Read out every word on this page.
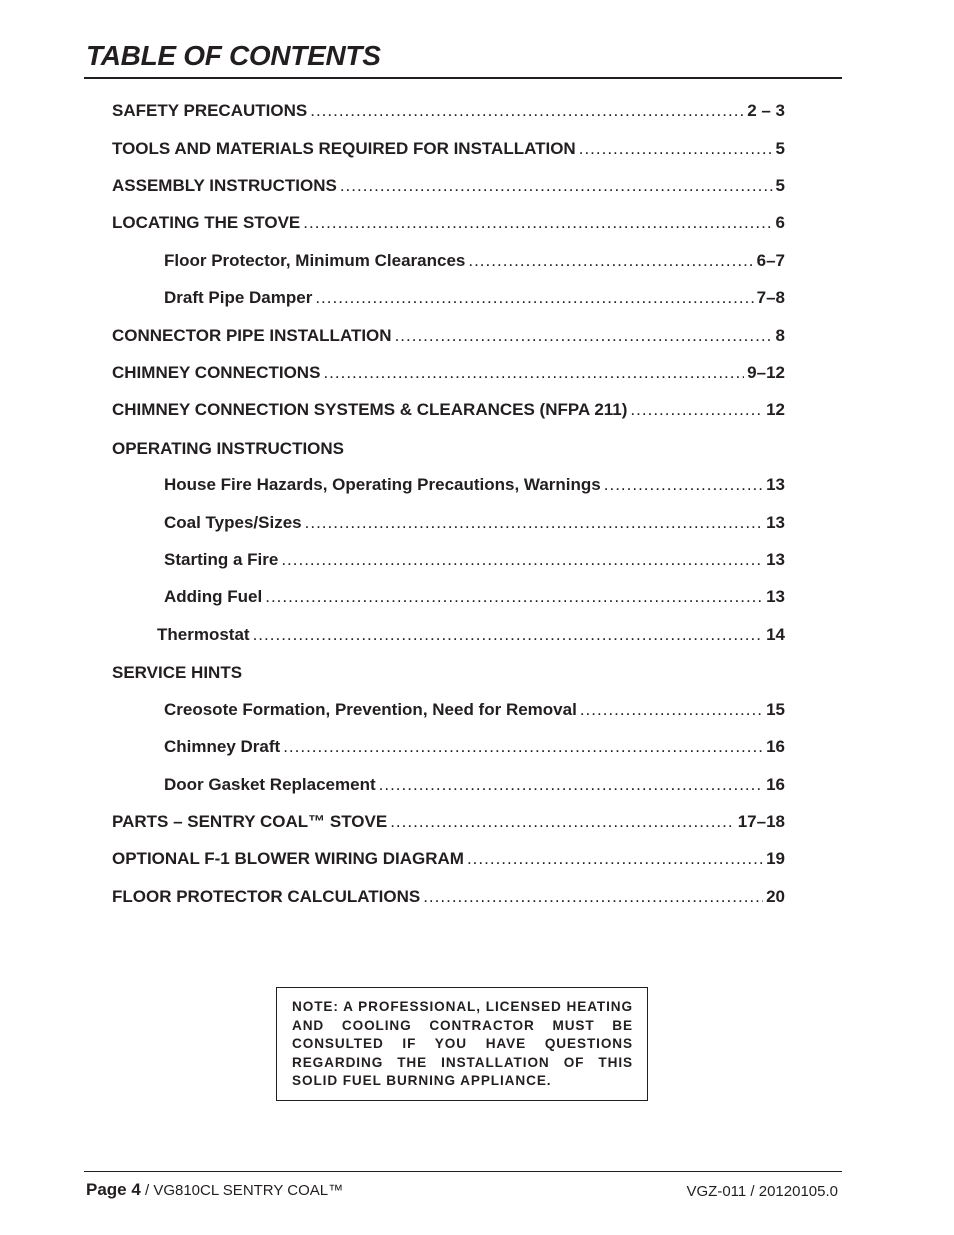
TABLE OF CONTENTS
SAFETY PRECAUTIONS .....	2 – 3
TOOLS AND MATERIALS REQUIRED FOR INSTALLATION .....	5
ASSEMBLY INSTRUCTIONS .....	5
LOCATING THE STOVE .....	6
Floor Protector, Minimum Clearances .....	6–7
Draft Pipe Damper .....	7–8
CONNECTOR PIPE INSTALLATION .....	8
CHIMNEY CONNECTIONS .....	9–12
CHIMNEY CONNECTION SYSTEMS & CLEARANCES (NFPA 211) .....	12
OPERATING INSTRUCTIONS
House Fire Hazards, Operating Precautions, Warnings .....	13
Coal Types/Sizes .....	13
Starting a Fire .....	13
Adding Fuel .....	13
Thermostat .....	14
SERVICE HINTS
Creosote Formation, Prevention, Need for Removal .....	15
Chimney Draft .....	16
Door Gasket Replacement .....	16
PARTS – SENTRY COAL™ STOVE .....	17–18
OPTIONAL F-1 BLOWER WIRING DIAGRAM .....	19
FLOOR PROTECTOR CALCULATIONS .....	20

NOTE: A PROFESSIONAL, LICENSED HEATING AND COOLING CONTRACTOR MUST BE CONSULTED IF YOU HAVE QUESTIONS REGARDING THE INSTALLATION OF THIS SOLID FUEL BURNING APPLIANCE.

Page 4 / VG810CL SENTRY COAL™	VGZ-011 / 20120105.0
